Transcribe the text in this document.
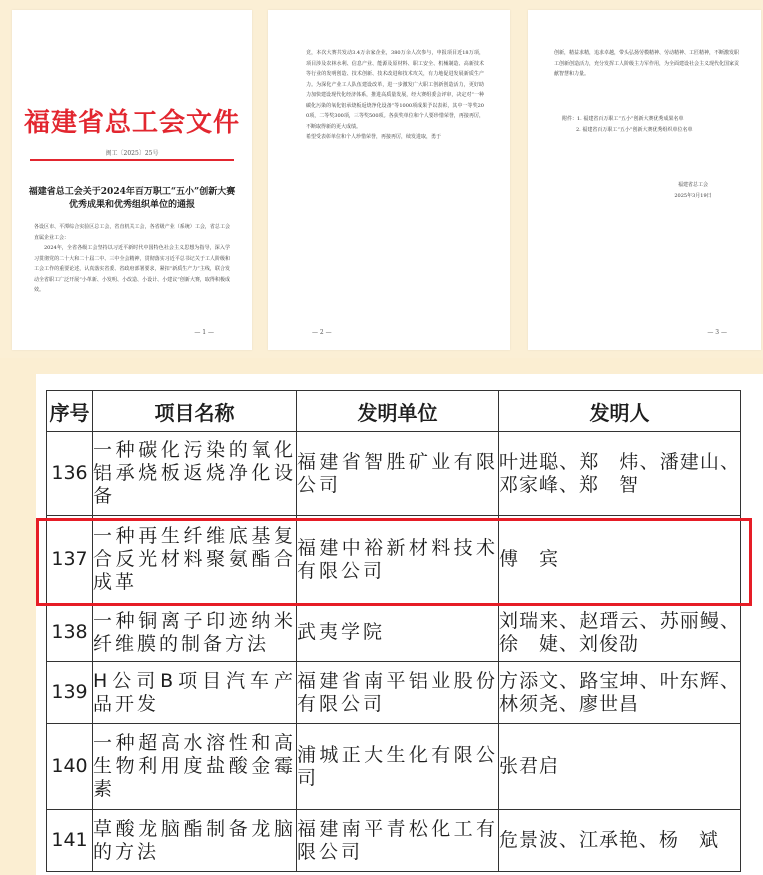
福建省总工会文件
闽工〔2025〕25号
福建省总工会关于2024年百万职工“五小”创新大赛优秀成果和优秀组织单位的通报
各设区市、平潭综合实验区总工会，省直机关工会，各省级产业（系统）工会，省总工会直属企业工会：
2024年，全省各级工会坚持以习近平新时代中国特色社会主义思想为指导，深入学习贯彻党的二十大和二十届二中、三中全会精神，贯彻落实习近平总书记关于工人阶级和工会工作的重要论述，认真落实省委、省政府部署要求，紧扣“新质生产力”主线，联合发动全省职工广泛开展“小革新、小发明、小改造、小设计、小建议”创新大赛，取得积极成效。
— 1 —
竞，本次大赛共发动3.4万余家企业，380万余人次参与，申报项目近18万项，项目涉及农林水利、信息产业、能源及原材料、职工安全、机械制造、高新技术等行业的发明创造、技术创新、技术改进和技术攻关，有力地促进发展新质生产力。为深化产业工人队伍建设改革，进一步激发广大职工创新创造活力，更好助力加快建设现代化经济体系，推进高质量发展，经大赛组委会评审，决定对“一种碳化污染的氧化铝承烧板返烧净化设备”等1000项成果予以表彰，其中一等奖200项，二等奖300项，三等奖500项。各获奖单位和个人要珍惜荣誉，再接再厉，不断取得新的更大成绩。
希望受表彰单位和个人珍惜荣誉，再接再厉，续发进取，勇于
— 2 —
创新，精益求精，追求卓越，带头弘扬劳模精神、劳动精神、工匠精神，不断激发职工创新创造活力，充分发挥工人阶级主力军作用，为全面建设社会主义现代化国家贡献智慧和力量。
附件：1. 福建省百万职工“五小”创新大赛优秀成果名单
2. 福建省百万职工“五小”创新大赛优秀组织单位名单
福建省总工会
2025年3月19日
— 3 —
序号	项目名称	发明单位	发明人
136	一种碳化污染的氧化铝承烧板返烧净化设备	福建省智胜矿业有限公司	叶进聪、郑　炜、潘建山、邓家峰、郑　智
137	一种再生纤维底基复合反光材料聚氨酯合成革	福建中裕新材料技术有限公司	傅　宾
138	一种铜离子印迹纳米纤维膜的制备方法	武夷学院	刘瑞来、赵瑨云、苏丽鳗、徐　婕、刘俊劭
139	H公司B项目汽车产品开发	福建省南平铝业股份有限公司	方添文、路宝坤、叶东辉、林须尧、廖世昌
140	一种超高水溶性和高生物利用度盐酸金霉素	浦城正大生化有限公司	张君启
141	草酸龙脑酯制备龙脑的方法	福建南平青松化工有限公司	危景波、江承艳、杨　斌
